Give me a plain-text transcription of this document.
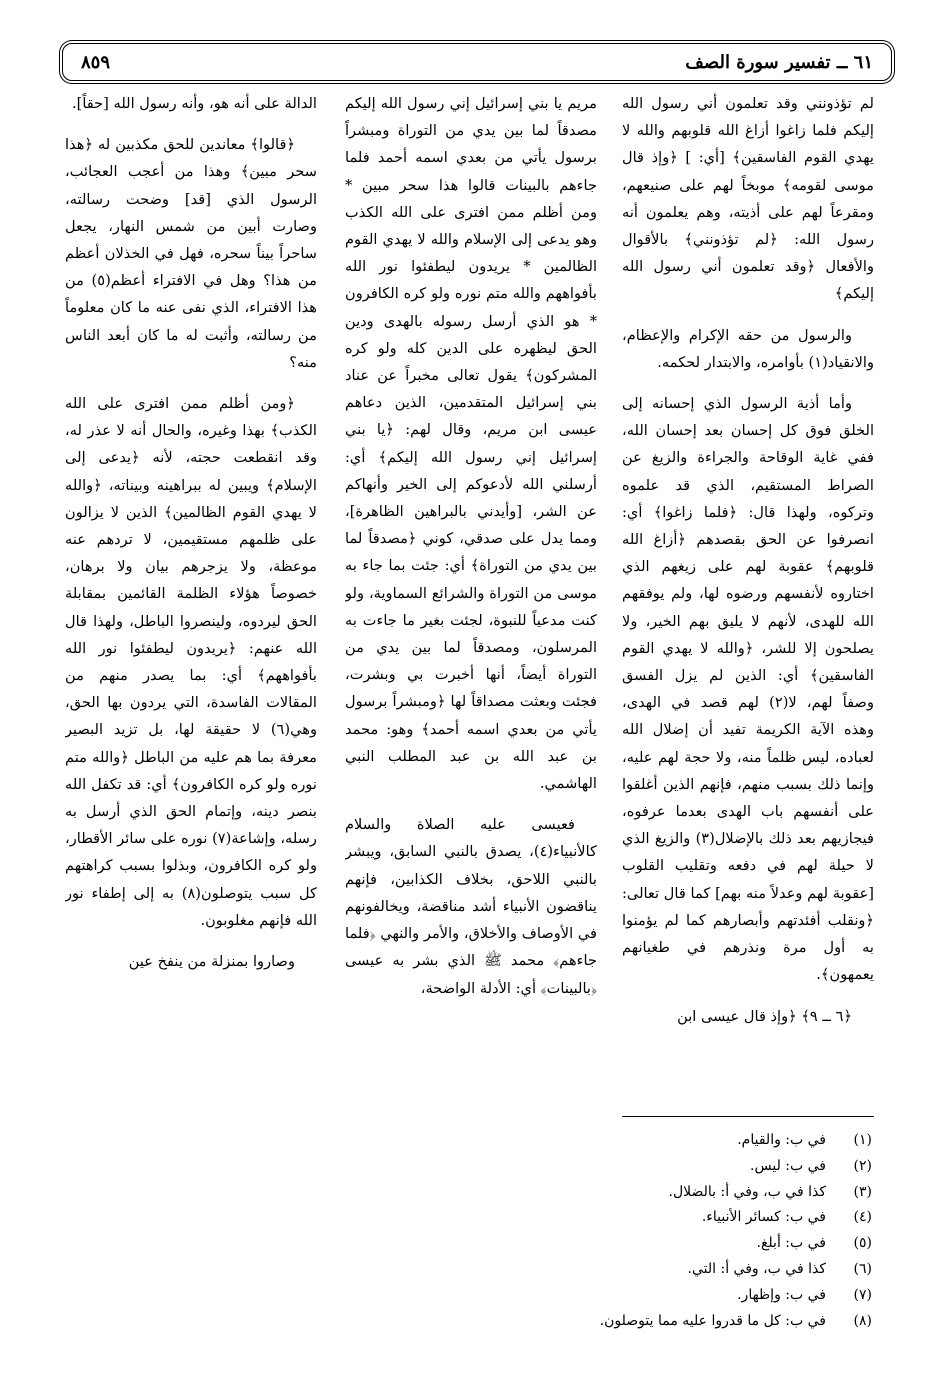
٦١ ــ تفسير سورة الصف
٨٥٩

لم تؤذونني وقد تعلمون أني رسول الله إليكم فلما زاغوا أزاغ الله قلوبهم والله لا يهدي القوم الفاسقين﴾ [أي: ] ﴿وإذ قال موسى لقومه﴾ موبخاً لهم على صنيعهم، ومقرعاً لهم على أذيته، وهم يعلمون أنه رسول الله: ﴿لم تؤذونني﴾ بالأقوال والأفعال ﴿وقد تعلمون أني رسول الله إليكم﴾

والرسول من حقه الإكرام والإعظام، والانقياد(١) بأوامره، والابتدار لحكمه.

وأما أذية الرسول الذي إحسانه إلى الخلق فوق كل إحسان بعد إحسان الله، ففي غاية الوقاحة والجراءة والزيغ عن الصراط المستقيم، الذي قد علموه وتركوه، ولهذا قال: ﴿فلما زاغوا﴾ أي: انصرفوا عن الحق بقصدهم ﴿أزاغ الله قلوبهم﴾ عقوبة لهم على زيغهم الذي اختاروه لأنفسهم ورضوه لها، ولم يوفقهم الله للهدى، لأنهم لا يليق بهم الخير، ولا يصلحون إلا للشر، ﴿والله لا يهدي القوم الفاسقين﴾ أي: الذين لم يزل الفسق وصفاً لهم، لا(٢) لهم قصد في الهدى، وهذه الآية الكريمة تفيد أن إضلال الله لعباده، ليس ظلماً منه، ولا حجة لهم عليه، وإنما ذلك بسبب منهم، فإنهم الذين أغلقوا على أنفسهم باب الهدى بعدما عرفوه، فيجازيهم بعد ذلك بالإضلال(٣) والزيغ الذي لا حيلة لهم في دفعه وتقليب القلوب [عقوبة لهم وعدلاً منه بهم] كما قال تعالى: ﴿ونقلب أفئدتهم وأبصارهم كما لم يؤمنوا به أول مرة ونذرهم في طغيانهم يعمهون﴾.

﴿٦ ــ ٩﴾ ﴿وإذ قال عيسى ابن

مريم يا بني إسرائيل إني رسول الله إليكم مصدقاً لما بين يدي من التوراة ومبشراً برسول يأتي من بعدي اسمه أحمد فلما جاءهم بالبينات قالوا هذا سحر مبين * ومن أظلم ممن افترى على الله الكذب وهو يدعى إلى الإسلام والله لا يهدي القوم الظالمين * يريدون ليطفئوا نور الله بأفواههم والله متم نوره ولو كره الكافرون * هو الذي أرسل رسوله بالهدى ودين الحق ليظهره على الدين كله ولو كره المشركون﴾ يقول تعالى مخبراً عن عناد بني إسرائيل المتقدمين، الذين دعاهم عيسى ابن مريم، وقال لهم: ﴿يا بني إسرائيل إني رسول الله إليكم﴾ أي: أرسلني الله لأدعوكم إلى الخير وأنهاكم عن الشر، [وأيدني بالبراهين الظاهرة]، ومما يدل على صدقي، كوني ﴿مصدقاً لما بين يدي من التوراة﴾ أي: جئت بما جاء به موسى من التوراة والشرائع السماوية، ولو كنت مدعياً للنبوة، لجئت بغير ما جاءت به المرسلون، ومصدقاً لما بين يدي من التوراة أيضاً، أنها أخبرت بي وبشرت، فجئت وبعثت مصداقاً لها ﴿ومبشراً برسول يأتي من بعدي اسمه أحمد﴾ وهو: محمد بن عبد الله بن عبد المطلب النبي الهاشمي.

فعيسى عليه الصلاة والسلام كالأنبياء(٤)، يصدق بالنبي السابق، ويبشر بالنبي اللاحق، بخلاف الكذابين، فإنهم يناقضون الأنبياء أشد مناقضة، ويخالفونهم في الأوصاف والأخلاق، والأمر والنهي ﴿فلما جاءهم﴾ محمد ﷺ الذي بشر به عيسى ﴿بالبينات﴾ أي: الأدلة الواضحة،

الدالة على أنه هو، وأنه رسول الله [حقاً].

﴿قالوا﴾ معاندين للحق مكذبين له ﴿هذا سحر مبين﴾ وهذا من أعجب العجائب، الرسول الذي [قد] وضحت رسالته، وصارت أبين من شمس النهار، يجعل ساحراً بيناً سحره، فهل في الخذلان أعظم من هذا؟ وهل في الافتراء أعظم(٥) من هذا الافتراء، الذي نفى عنه ما كان معلوماً من رسالته، وأثبت له ما كان أبعد الناس منه؟

﴿ومن أظلم ممن افترى على الله الكذب﴾ بهذا وغيره، والحال أنه لا عذر له، وقد انقطعت حجته، لأنه ﴿يدعى إلى الإسلام﴾ ويبين له ببراهينه وبيناته، ﴿والله لا يهدي القوم الظالمين﴾ الذين لا يزالون على ظلمهم مستقيمين، لا تردهم عنه موعظة، ولا يزجرهم بيان ولا برهان، خصوصاً هؤلاء الظلمة القائمين بمقابلة الحق ليردوه، ولينصروا الباطل، ولهذا قال الله عنهم: ﴿يريدون ليطفئوا نور الله بأفواههم﴾ أي: بما يصدر منهم من المقالات الفاسدة، التي يردون بها الحق، وهي(٦) لا حقيقة لها، بل تزيد البصير معرفة بما هم عليه من الباطل ﴿والله متم نوره ولو كره الكافرون﴾ أي: قد تكفل الله بنصر دينه، وإتمام الحق الذي أرسل به رسله، وإشاعة(٧) نوره على سائر الأقطار، ولو كره الكافرون، وبذلوا بسبب كراهتهم كل سبب يتوصلون(٨) به إلى إطفاء نور الله فإنهم مغلوبون.

وصاروا بمنزلة من ينفخ عين

(١)
في ب: والقيام.
(٢)
في ب: ليس.
(٣)
كذا في ب، وفي أ: بالضلال.
(٤)
في ب: كسائر الأنبياء.
(٥)
في ب: أبلغ.
(٦)
كذا في ب، وفي أ: التي.
(٧)
في ب: وإظهار.
(٨)
في ب: كل ما قدروا عليه مما يتوصلون.
